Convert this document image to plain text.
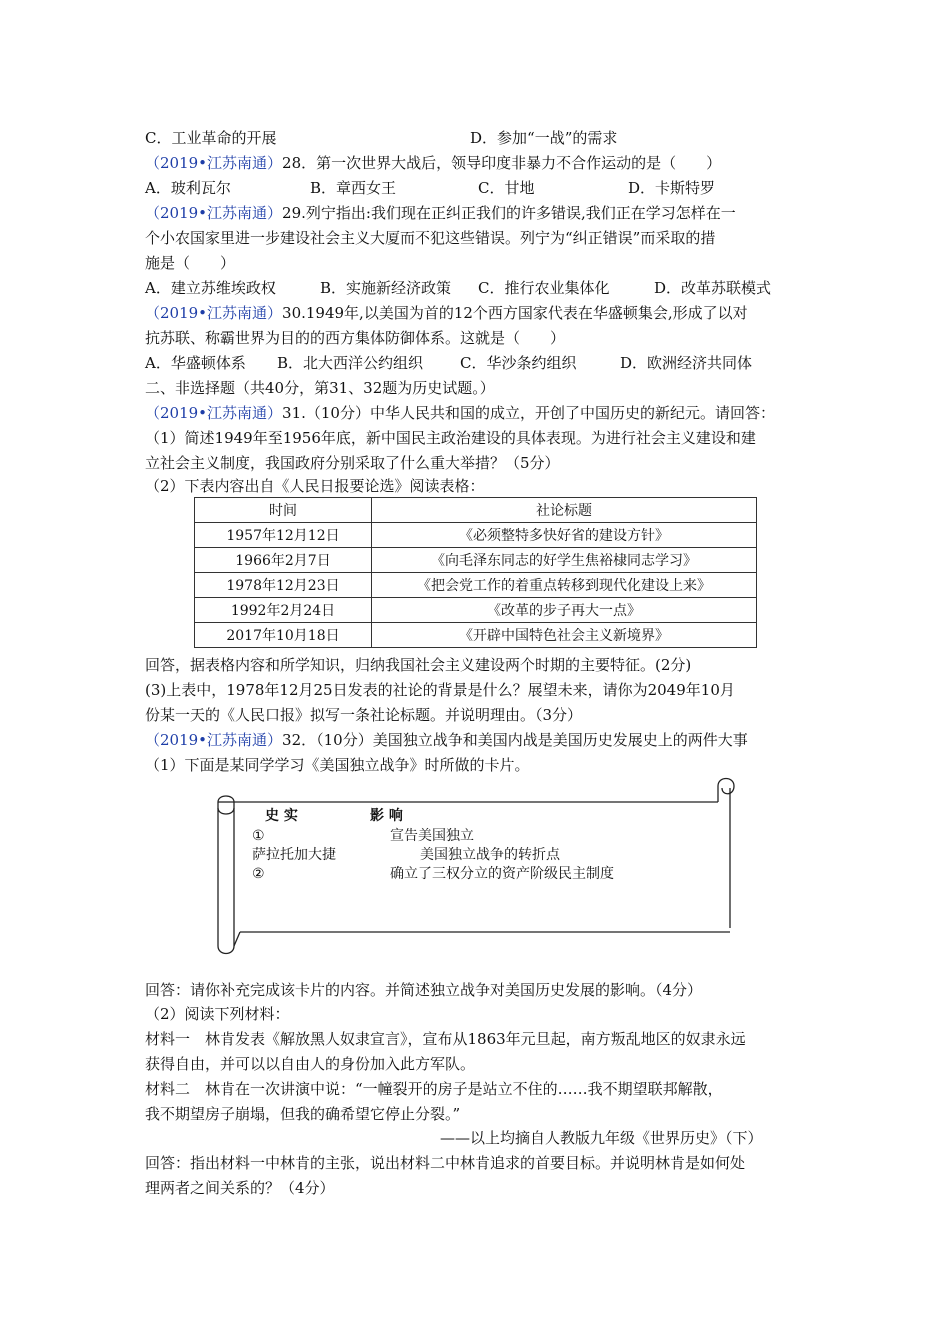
C．工业革命的开展	D．参加“一战”的需求
（2019•江苏南通）28．第一次世界大战后，领导印度非暴力不合作运动的是（　　）
A．玻利瓦尔	B．章西女王	C．甘地	D．卡斯特罗
（2019•江苏南通）29.列宁指出:我们现在正纠正我们的许多错误,我们正在学习怎样在一
个小农国家里进一步建设社会主义大厦而不犯这些错误。列宁为“纠正错误”而采取的措
施是（　　）
A．建立苏维埃政权	B．实施新经济政策 C．推行农业集体化	D．改革苏联模式
（2019•江苏南通）30.1949年,以美国为首的12个西方国家代表在华盛顿集会,形成了以对
抗苏联、称霸世界为目的的西方集体防御体系。这就是（　　）
A．华盛顿体系 B．北大西洋公约组织 C．华沙条约组织	D．欧洲经济共同体
二、非选择题（共40分，第31、32题为历史试题。）
（2019•江苏南通）31.（10分）中华人民共和国的成立，开创了中国历史的新纪元。请回答：
（1）简述1949年至1956年底，新中国民主政治建设的具体表现。为进行社会主义建设和建
立社会主义制度，我国政府分别采取了什么重大举措？（5分）
（2）下表内容出自《人民日报要论选》阅读表格：
时间	社论标题
1957年12月12日	《必须整特多快好省的建设方针》
1966年2月7日	《向毛泽东同志的好学生焦裕棣同志学习》
1978年12月23日	《把会党工作的着重点转移到现代化建设上来》
1992年2月24日	《改革的步子再大一点》
2017年10月18日	《开辟中国特色社会主义新境界》
回答，据表格内容和所学知识，归纳我国社会主义建设两个时期的主要特征。(2分)
(3)上表中，1978年12月25日发表的社论的背景是什么？展望未来，请你为2049年10月
份某一天的《人民口报》拟写一条社论标题。并说明理由。（3分）
（2019•江苏南通）32．（10分）美国独立战争和美国内战是美国历史发展史上的两件大事
（1）下面是某同学学习《美国独立战争》时所做的卡片。
史 实	影 响
①	宣告美国独立
萨拉托加大捷	美国独立战争的转折点
②	确立了三权分立的资产阶级民主制度
回答：请你补充完成该卡片的内容。并简述独立战争对美国历史发展的影响。（4分）
（2）阅读下列材料：
材料一　林肯发表《解放黑人奴隶宣言》，宣布从1863年元旦起，南方叛乱地区的奴隶永远
获得自由，并可以以自由人的身份加入此方军队。
材料二　林肯在一次讲演中说：“一幢裂开的房子是站立不住的……我不期望联邦解散，
我不期望房子崩塌，但我的确希望它停止分裂。”
——以上均摘自人教版九年级《世界历史》（下）
回答：指出材料一中林肯的主张，说出材料二中林肯追求的首要目标。并说明林肯是如何处
理两者之间关系的？（4分）
